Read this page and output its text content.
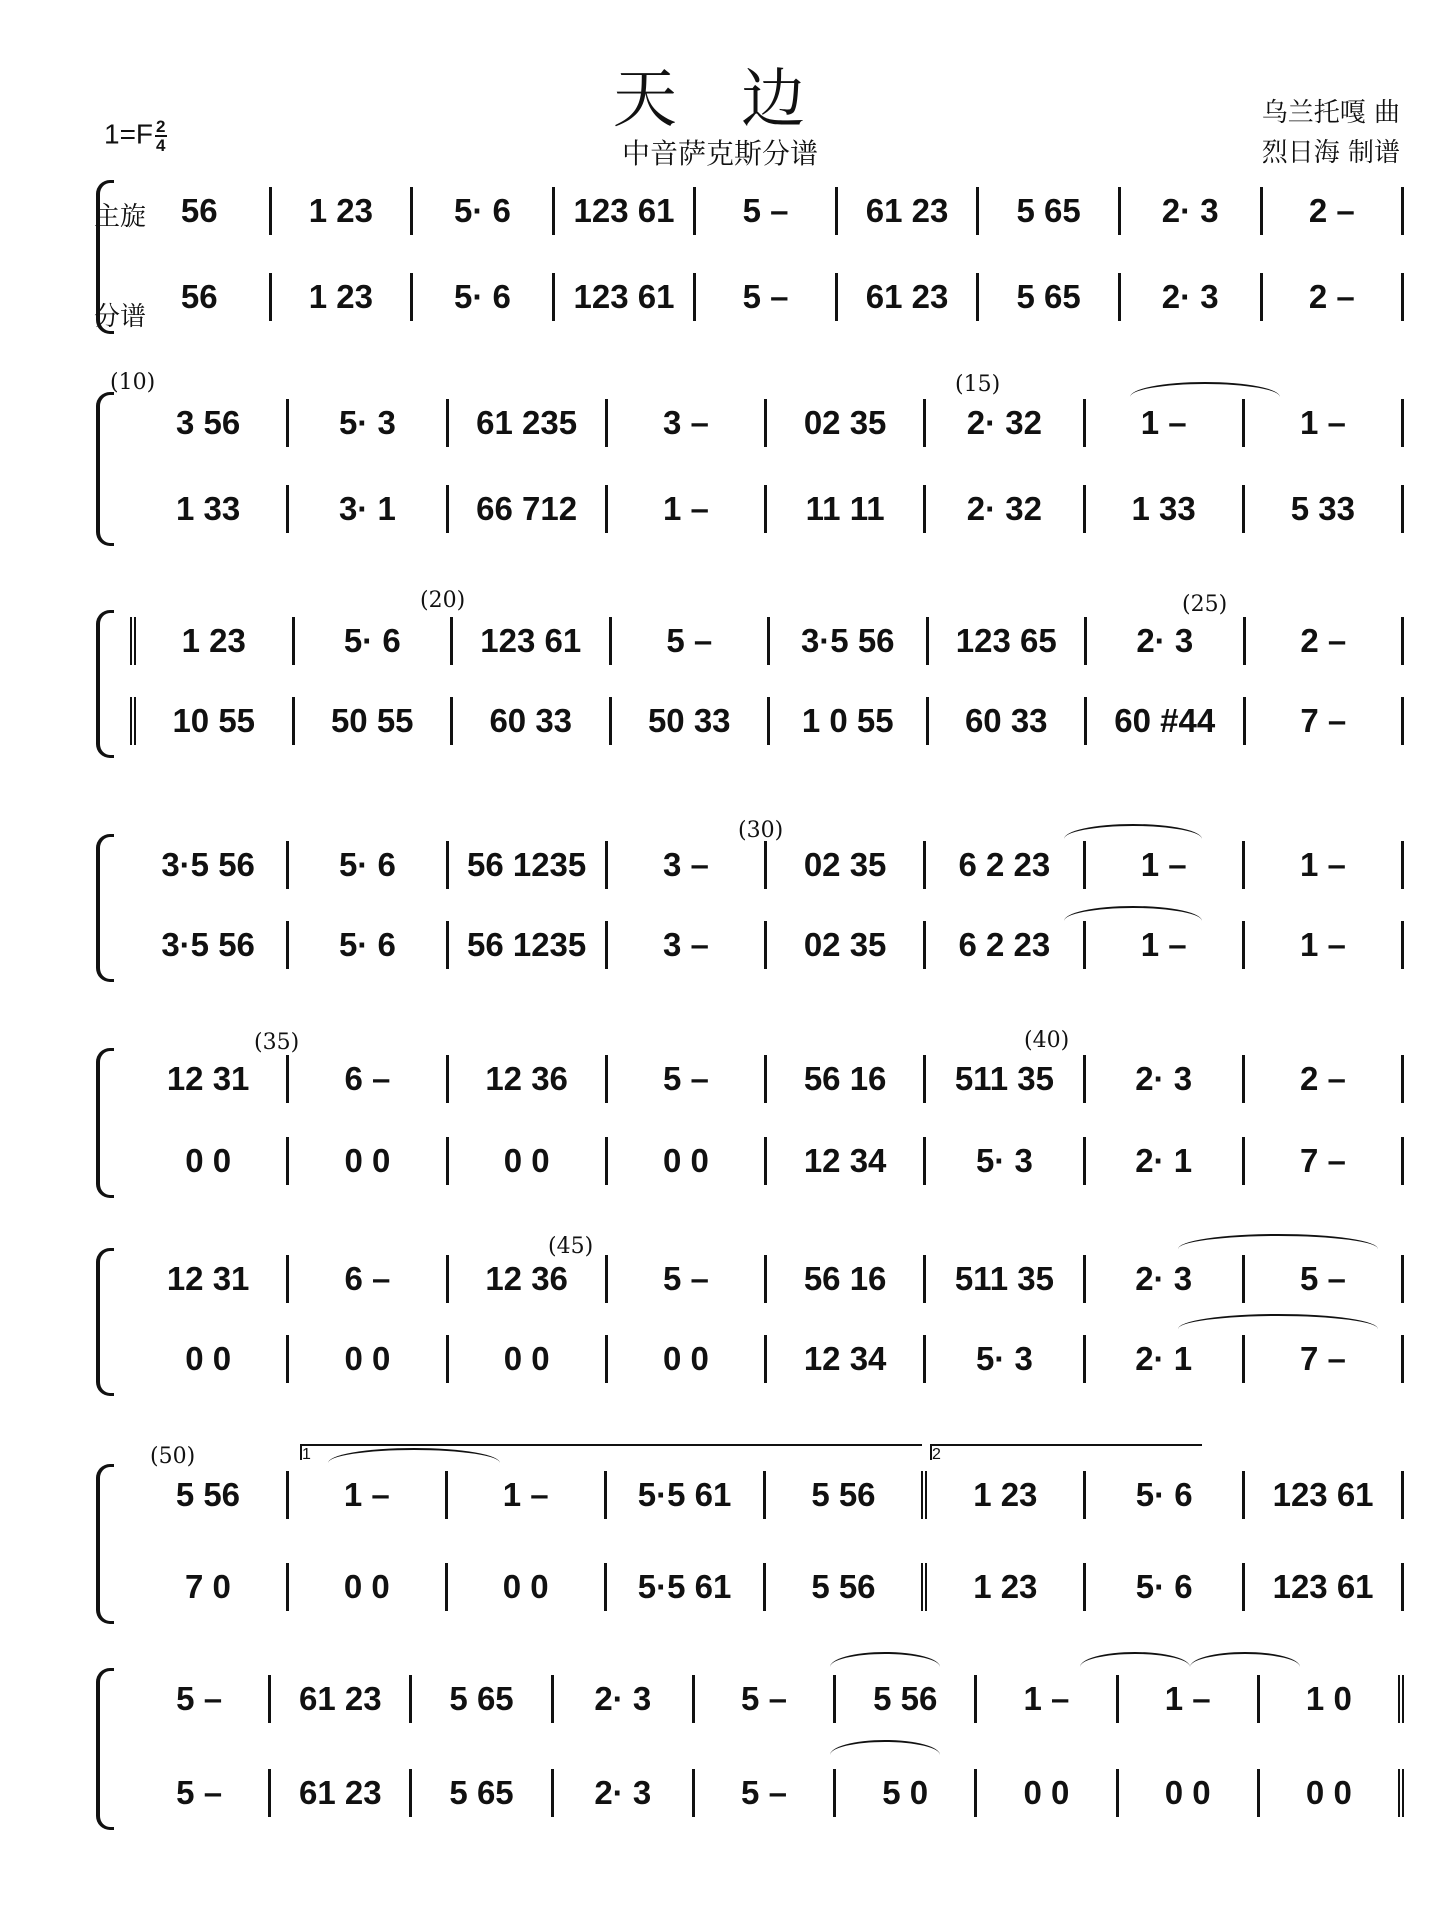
天 边
中音萨克斯分谱
乌兰托嘎 曲
烈日海 制谱
$1=F \frac{2}{4}$
主旋
分谱
(10)	(15)
(20)	(25)
(30)
(35)	(40)
(45)
(50)	1	2
56	1 23	5· 6	123 61	5 –	61 23	5 65	2· 3	2 –
56	1 23	5· 6	123 61	5 –	61 23	5 65	2· 3	2 –
3 56	5· 3	61 235	3 –	02 35	2· 32	1 –	1 –
1 33	3· 1	66 712	1 –	11 11	2· 32	1 33	5 33
1 23	5· 6	123 61	5 –	3·5 56	123 65	2· 3	2 –
10 55	50 55	60 33	50 33	1 0 55	60 33	60 #44	7 –
3·5 56	5· 6	56 1235	3 –	02 35	6 2 23	1 –	1 –
3·5 56	5· 6	56 1235	3 –	02 35	6 2 23	1 –	1 –
12 31	6 –	12 36	5 –	56 16	511 35	2· 3	2 –
0 0	0 0	0 0	0 0	12 34	5· 3	2· 1	7 –
12 31	6 –	12 36	5 –	56 16	511 35	2· 3	5 –
0 0	0 0	0 0	0 0	12 34	5· 3	2· 1	7 –
5 56	1 –	1 –	5·5 61	5 56	1 23	5· 6	123 61
7 0	0 0	0 0	5·5 61	5 56	1 23	5· 6	123 61
5 –	61 23	5 65	2· 3	5 –	5 56	1 –	1 –	1 0
5 –	61 23	5 65	2· 3	5 –	5 0	0 0	0 0	0 0
